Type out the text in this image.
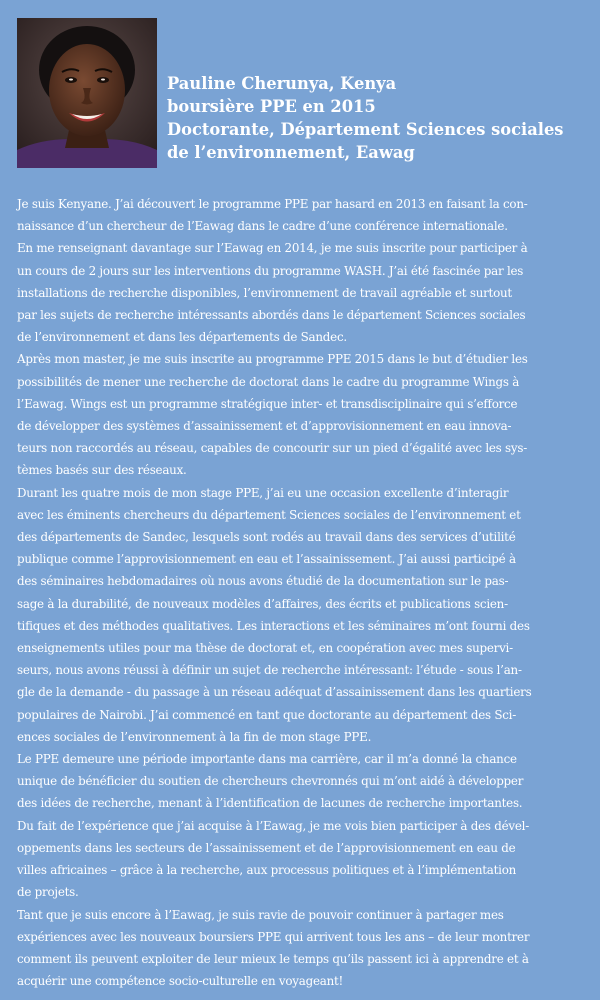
Pauline Cherunya, Kenya
boursière PPE en 2015
Doctorante, Département Sciences sociales
de l’environnement, Eawag
Je suis Kenyane. J’ai découvert le programme PPE par hasard en 2013 en faisant la con-
naissance d’un chercheur de l’Eawag dans le cadre d’une conférence internationale.
En me renseignant davantage sur l’Eawag en 2014, je me suis inscrite pour participer à
un cours de 2 jours sur les interventions du programme WASH. J’ai été fascinée par les
installations de recherche disponibles, l’environnement de travail agréable et surtout
par les sujets de recherche intéressants abordés dans le département Sciences sociales
de l’environnement et dans les départements de Sandec.
Après mon master, je me suis inscrite au programme PPE 2015 dans le but d’étudier les
possibilités de mener une recherche de doctorat dans le cadre du programme Wings à
l’Eawag. Wings est un programme stratégique inter- et transdisciplinaire qui s’efforce
de développer des systèmes d’assainissement et d’approvisionnement en eau innova-
teurs non raccordés au réseau, capables de concourir sur un pied d’égalité avec les sys-
tèmes basés sur des réseaux.
Durant les quatre mois de mon stage PPE, j’ai eu une occasion excellente d’interagir
avec les éminents chercheurs du département Sciences sociales de l’environnement et
des départements de Sandec, lesquels sont rodés au travail dans des services d’utilité
publique comme l’approvisionnement en eau et l’assainissement. J’ai aussi participé à
des séminaires hebdomadaires où nous avons étudié de la documentation sur le pas-
sage à la durabilité, de nouveaux modèles d’affaires, des écrits et publications scien-
tifiques et des méthodes qualitatives. Les interactions et les séminaires m’ont fourni des
enseignements utiles pour ma thèse de doctorat et, en coopération avec mes supervi-
seurs, nous avons réussi à définir un sujet de recherche intéressant: l’étude - sous l’an-
gle de la demande - du passage à un réseau adéquat d’assainissement dans les quartiers
populaires de Nairobi. J’ai commencé en tant que doctorante au département des Sci-
ences sociales de l’environnement à la fin de mon stage PPE.
Le PPE demeure une période importante dans ma carrière, car il m’a donné la chance
unique de bénéficier du soutien de chercheurs chevronnés qui m’ont aidé à développer
des idées de recherche, menant à l’identification de lacunes de recherche importantes.
Du fait de l’expérience que j’ai acquise à l’Eawag, je me vois bien participer à des dével-
oppements dans les secteurs de l’assainissement et de l’approvisionnement en eau de
villes africaines – grâce à la recherche, aux processus politiques et à l’implémentation
de projets.
Tant que je suis encore à l’Eawag, je suis ravie de pouvoir continuer à partager mes
expériences avec les nouveaux boursiers PPE qui arrivent tous les ans – de leur montrer
comment ils peuvent exploiter de leur mieux le temps qu’ils passent ici à apprendre et à
acquérir une compétence socio-culturelle en voyageant!
